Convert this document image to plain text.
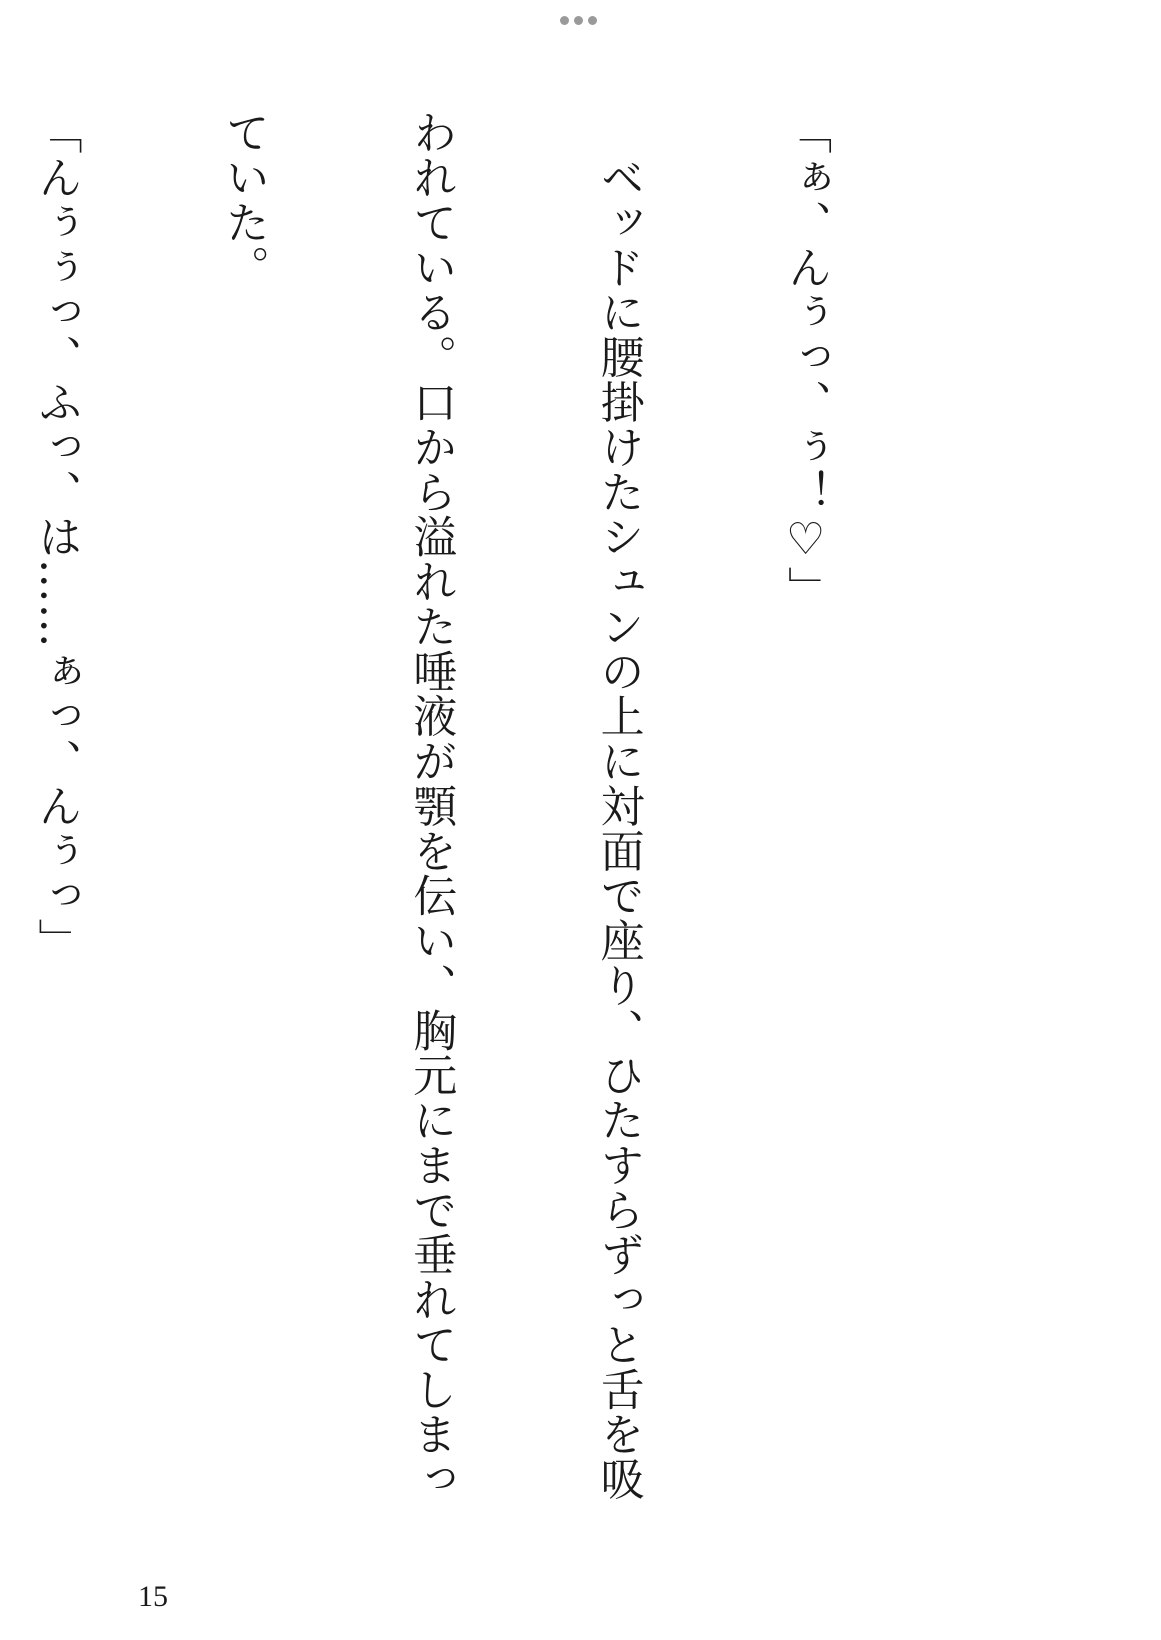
「ぁ、んぅっ、ぅ！♡」

　ベッドに腰掛けたシュンの上に対面で座り、ひたすらずっと舌を吸

われている。口から溢れた唾液が顎を伝い、胸元にまで垂れてしまっ

ていた。

「んぅぅっ、ふっ、は……ぁっ、んぅっ」

15
